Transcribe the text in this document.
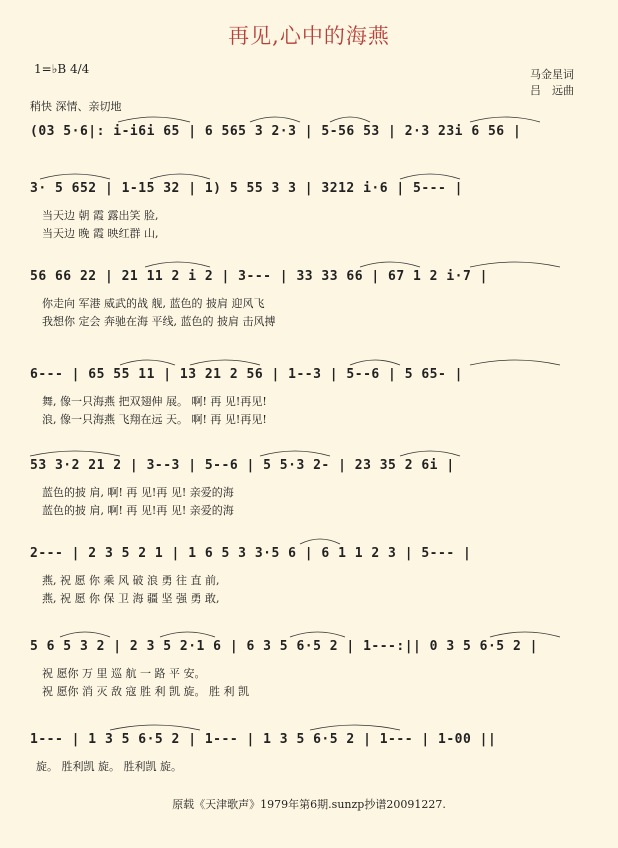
再见,心中的海燕
1=♭B 4/4	马金星词
吕　远曲
稍快 深情、亲切地
(03 5·6|: i-i6i 65 | 6 565 3 2·3 | 5-56 53 | 2·3 23i 6 56 |
3· 5 652 | 1-15 32 | 1) 5 55 3 3 | 3212 i·6 | 5--- |
当天边 朝 霞 露出笑 脸,
当天边 晚 霞 映红群 山,
56 66 22 | 21 11 2 i 2 | 3--- | 33 33 66 | 67 1 2 i·7 |
你走向 军港 威武的战 舰, 蓝色的 披肩 迎风飞
我想你 定会 奔驰在海 平线, 蓝色的 披肩 击风搏
6--- | 65 55 11 | 13 21 2 56 | 1--3 | 5--6 | 5 65- |
舞, 像一只海燕 把双翅伸 展。 啊! 再 见!再见!
浪, 像一只海燕 飞翔在远 天。 啊! 再 见!再见!
53 3·2 21 2 | 3--3 | 5--6 | 5 5·3 2- | 23 35 2 6i |
蓝色的披 肩, 啊! 再 见!再 见! 亲爱的海
蓝色的披 肩, 啊! 再 见!再 见! 亲爱的海
2--- | 2 3 5 2 1 | 1 6 5 3 3·5 6 | 6 1 1 2 3 | 5--- |
燕, 祝 愿 你 乘 风 破 浪 勇 往 直 前,
燕, 祝 愿 你 保 卫 海 疆 坚 强 勇 敢,
5 6 5 3 2 | 2 3 5 2·1 6 | 6 3 5 6·5 2 | 1---:|| 0 3 5 6·5 2 |
祝 愿你 万 里 巡 航 一 路 平 安。
祝 愿你 消 灭 敌 寇 胜 利 凯 旋。 胜 利 凯
1--- | 1 3 5 6·5 2 | 1--- | 1 3 5 6·5 2 | 1--- | 1-00 ||
旋。 胜利凯 旋。 胜利凯 旋。
原载《天津歌声》1979年第6期.sunzp抄谱20091227.
